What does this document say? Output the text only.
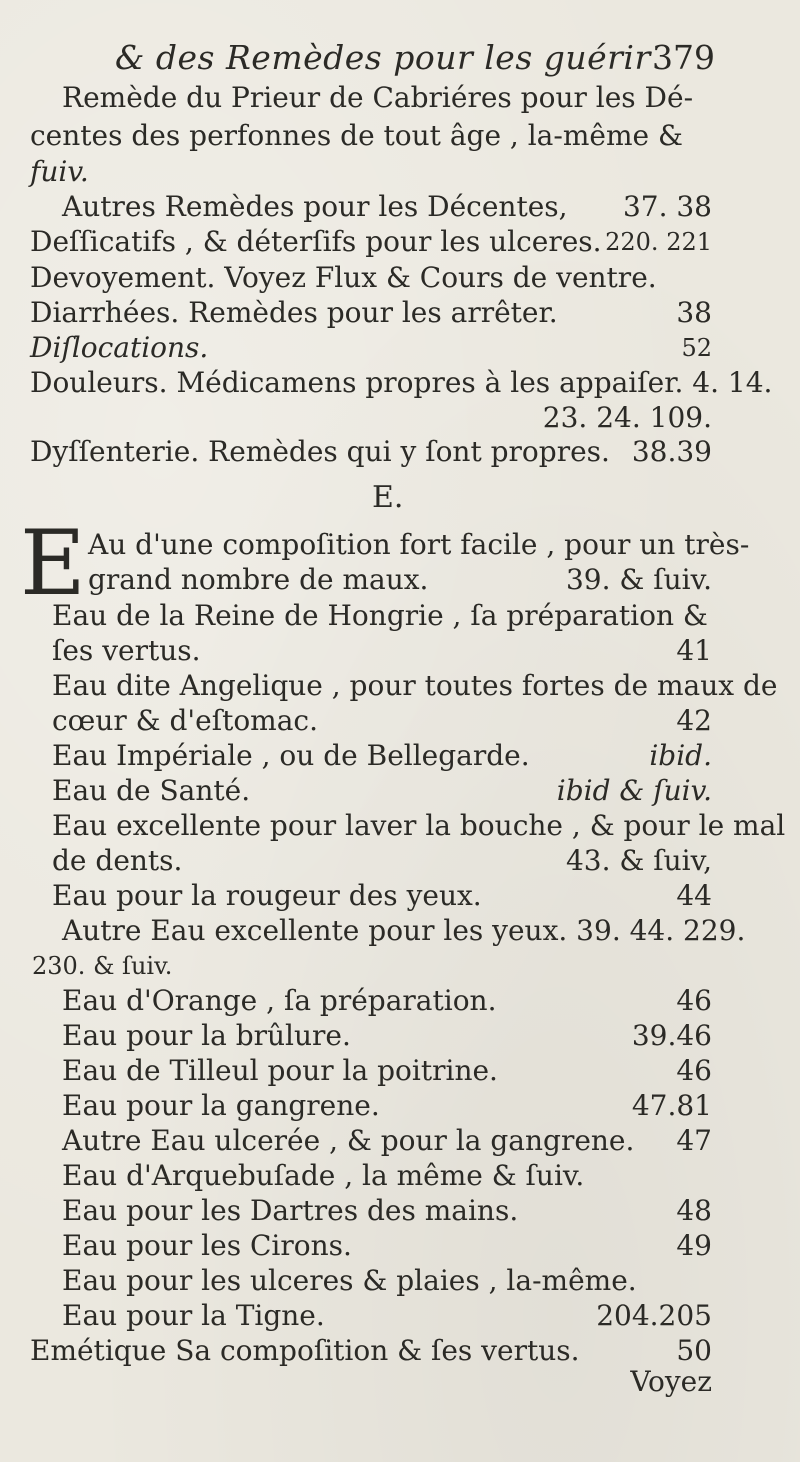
& des Remèdes pour les guérir 379
E.
E
Remède du Prieur de Cabriéres pour les Dé-
centes des perfonnes de tout âge , la-même &
fuiv.
Autres Remèdes pour les Décentes, 37. 38
Deſſicatifs , & déterſifs pour les ulceres. 220. 221
Devoyement. Voyez Flux & Cours de ventre.
Diarrhées. Remèdes pour les arrêter.	38
Diſlocations.	52
Douleurs. Médicamens propres à les appaiſer. 4. 14.
23. 24. 109.
Dyſſenterie. Remèdes qui y ſont propres. 38.39
Au d'une compoſition fort facile , pour un très-
grand nombre de maux.	39. & ſuiv.
Eau de la Reine de Hongrie , ſa préparation &
ſes vertus.	41
Eau dite Angelique , pour toutes fortes de maux de
cœur & d'eſtomac.	42
Eau Impériale , ou de Bellegarde.	ibid.
Eau de Santé.	ibid & ſuiv.
Eau excellente pour laver la bouche , & pour le mal
de dents.	43. & ſuiv,
Eau pour la rougeur des yeux.	44
Autre Eau excellente pour les yeux. 39. 44. 229.
230. & ſuiv.
Eau d'Orange , ſa préparation.	46
Eau pour la brûlure.	39.46
Eau de Tilleul pour la poitrine.	46
Eau pour la gangrene.	47.81
Autre Eau ulcerée , & pour la gangrene. 47
Eau d'Arquebuſade , la même & ſuiv.
Eau pour les Dartres des mains.	48
Eau pour les Cirons.	49
Eau pour les ulceres & plaies , la-même.
Eau pour la Tigne.	204.205
Emétique Sa compoſition & ſes vertus.	50
Voyez
